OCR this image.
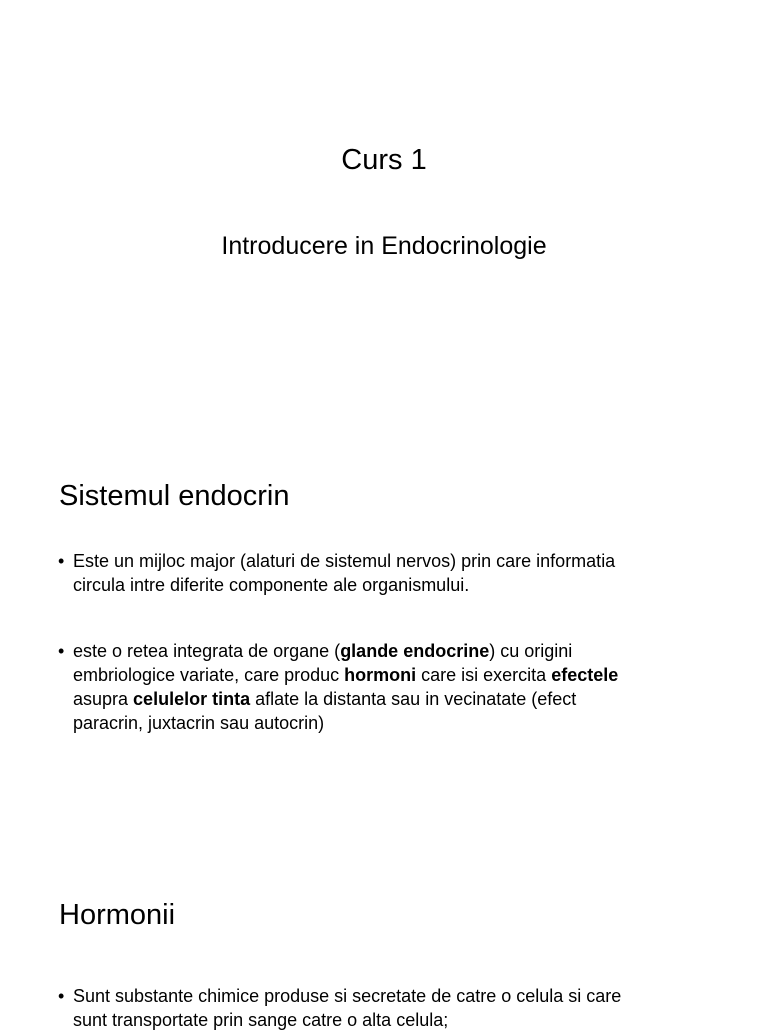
Curs 1
Introducere in Endocrinologie
Sistemul endocrin
• Este un mijloc major (alaturi de sistemul nervos) prin care informatia
circula intre diferite componente ale organismului.
• este o retea integrata de organe (glande endocrine) cu origini
embriologice variate, care produc hormoni care isi exercita efectele
asupra celulelor tinta aflate la distanta sau in vecinatate (efect
paracrin, juxtacrin sau autocrin)
Hormonii
• Sunt substante chimice produse si secretate de catre o celula si care
sunt transportate prin sange catre o alta celula;
